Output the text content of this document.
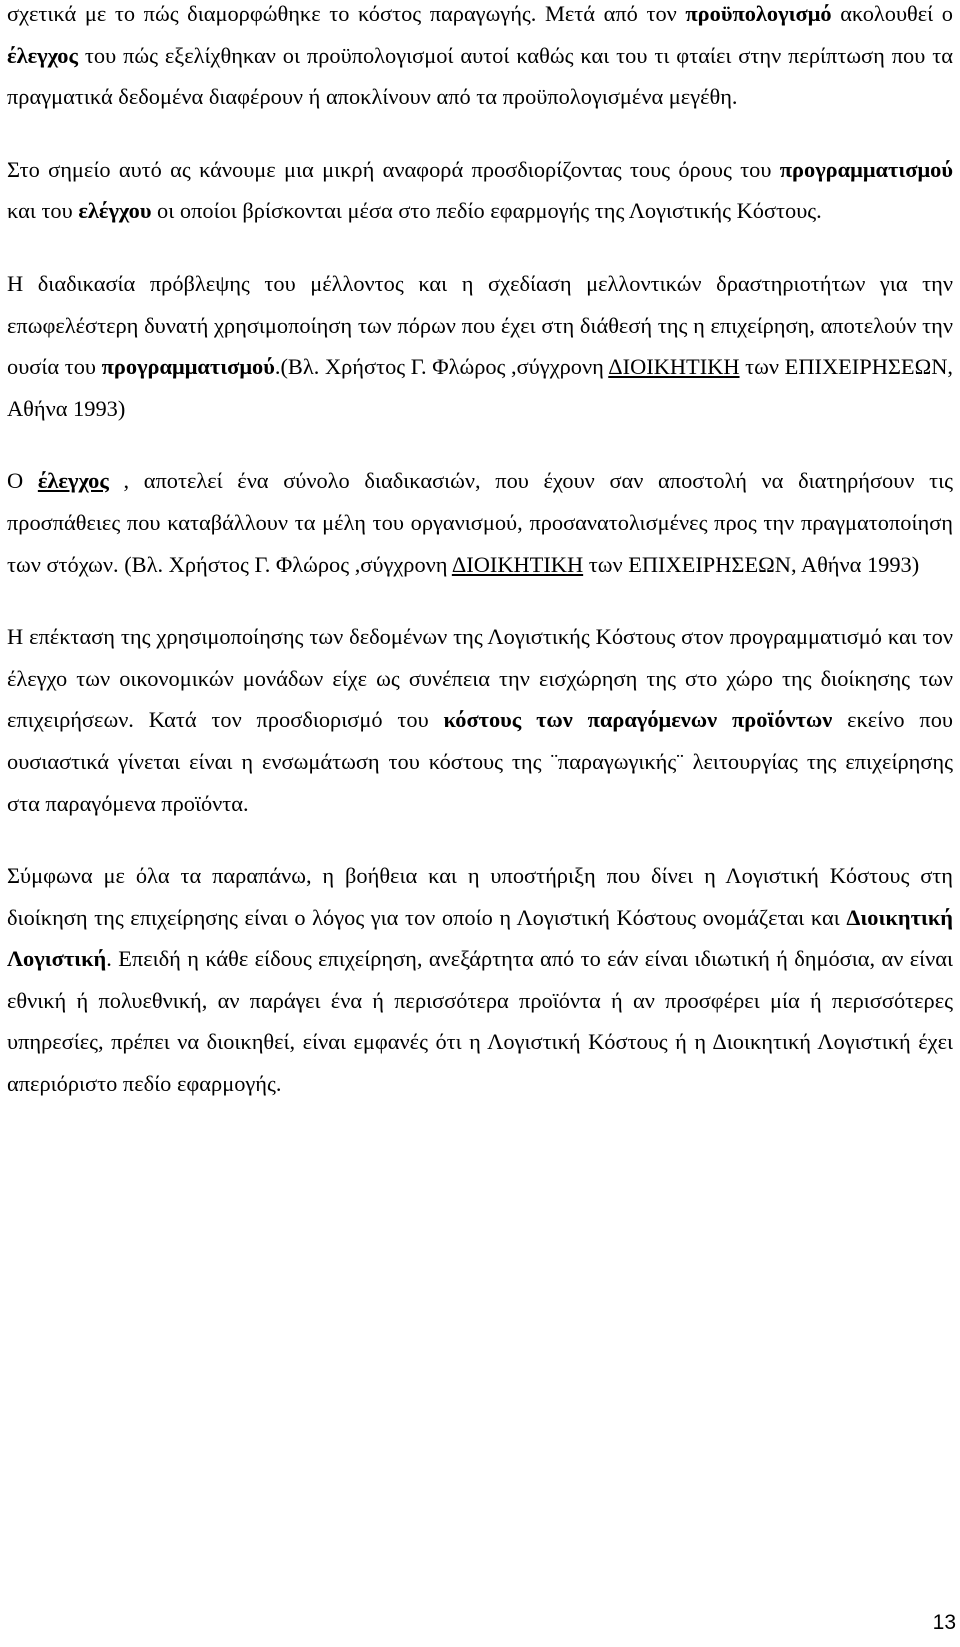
σχετικά με το πώς διαμορφώθηκε το κόστος παραγωγής. Μετά από τον προϋπολογισμό ακολουθεί ο έλεγχος του πώς εξελίχθηκαν οι προϋπολογισμοί αυτοί καθώς και του τι φταίει στην περίπτωση που τα πραγματικά δεδομένα διαφέρουν ή αποκλίνουν από τα προϋπολογισμένα μεγέθη.

Στο σημείο αυτό ας κάνουμε μια μικρή αναφορά προσδιορίζοντας τους όρους του προγραμματισμού και του ελέγχου οι οποίοι βρίσκονται μέσα στο πεδίο εφαρμογής της Λογιστικής Κόστους.

Η διαδικασία πρόβλεψης του μέλλοντος και η σχεδίαση μελλοντικών δραστηριοτήτων για την επωφελέστερη δυνατή χρησιμοποίηση των πόρων που έχει στη διάθεσή της η επιχείρηση, αποτελούν την ουσία του προγραμματισμού.(Βλ. Χρήστος Γ. Φλώρος ,σύγχρονη ΔΙΟΙΚΗΤΙΚΗ των ΕΠΙΧΕΙΡΗΣΕΩΝ, Αθήνα 1993)

Ο έλεγχος , αποτελεί ένα σύνολο διαδικασιών, που έχουν σαν αποστολή να διατηρήσουν τις προσπάθειες που καταβάλλουν τα μέλη του οργανισμού, προσανατολισμένες προς την πραγματοποίηση των στόχων. (Βλ. Χρήστος Γ. Φλώρος ,σύγχρονη ΔΙΟΙΚΗΤΙΚΗ των ΕΠΙΧΕΙΡΗΣΕΩΝ, Αθήνα 1993)

Η επέκταση της χρησιμοποίησης των δεδομένων της Λογιστικής Κόστους στον προγραμματισμό και τον έλεγχο των οικονομικών μονάδων είχε ως συνέπεια την εισχώρηση της στο χώρο της διοίκησης των επιχειρήσεων. Κατά τον προσδιορισμό του κόστους των παραγόμενων προϊόντων εκείνο που ουσιαστικά γίνεται είναι η ενσωμάτωση του κόστους της ¨παραγωγικής¨ λειτουργίας της επιχείρησης στα παραγόμενα προϊόντα.

Σύμφωνα με όλα τα παραπάνω, η βοήθεια και η υποστήριξη που δίνει η Λογιστική Κόστους στη διοίκηση της επιχείρησης είναι ο λόγος για τον οποίο η Λογιστική Κόστους ονομάζεται και Διοικητική Λογιστική. Επειδή η κάθε είδους επιχείρηση, ανεξάρτητα από το εάν είναι ιδιωτική ή δημόσια, αν είναι εθνική ή πολυεθνική, αν παράγει ένα ή περισσότερα προϊόντα ή αν προσφέρει μία ή περισσότερες υπηρεσίες, πρέπει να διοικηθεί, είναι εμφανές ότι η Λογιστική Κόστους ή η Διοικητική Λογιστική έχει απεριόριστο πεδίο εφαρμογής.

13
